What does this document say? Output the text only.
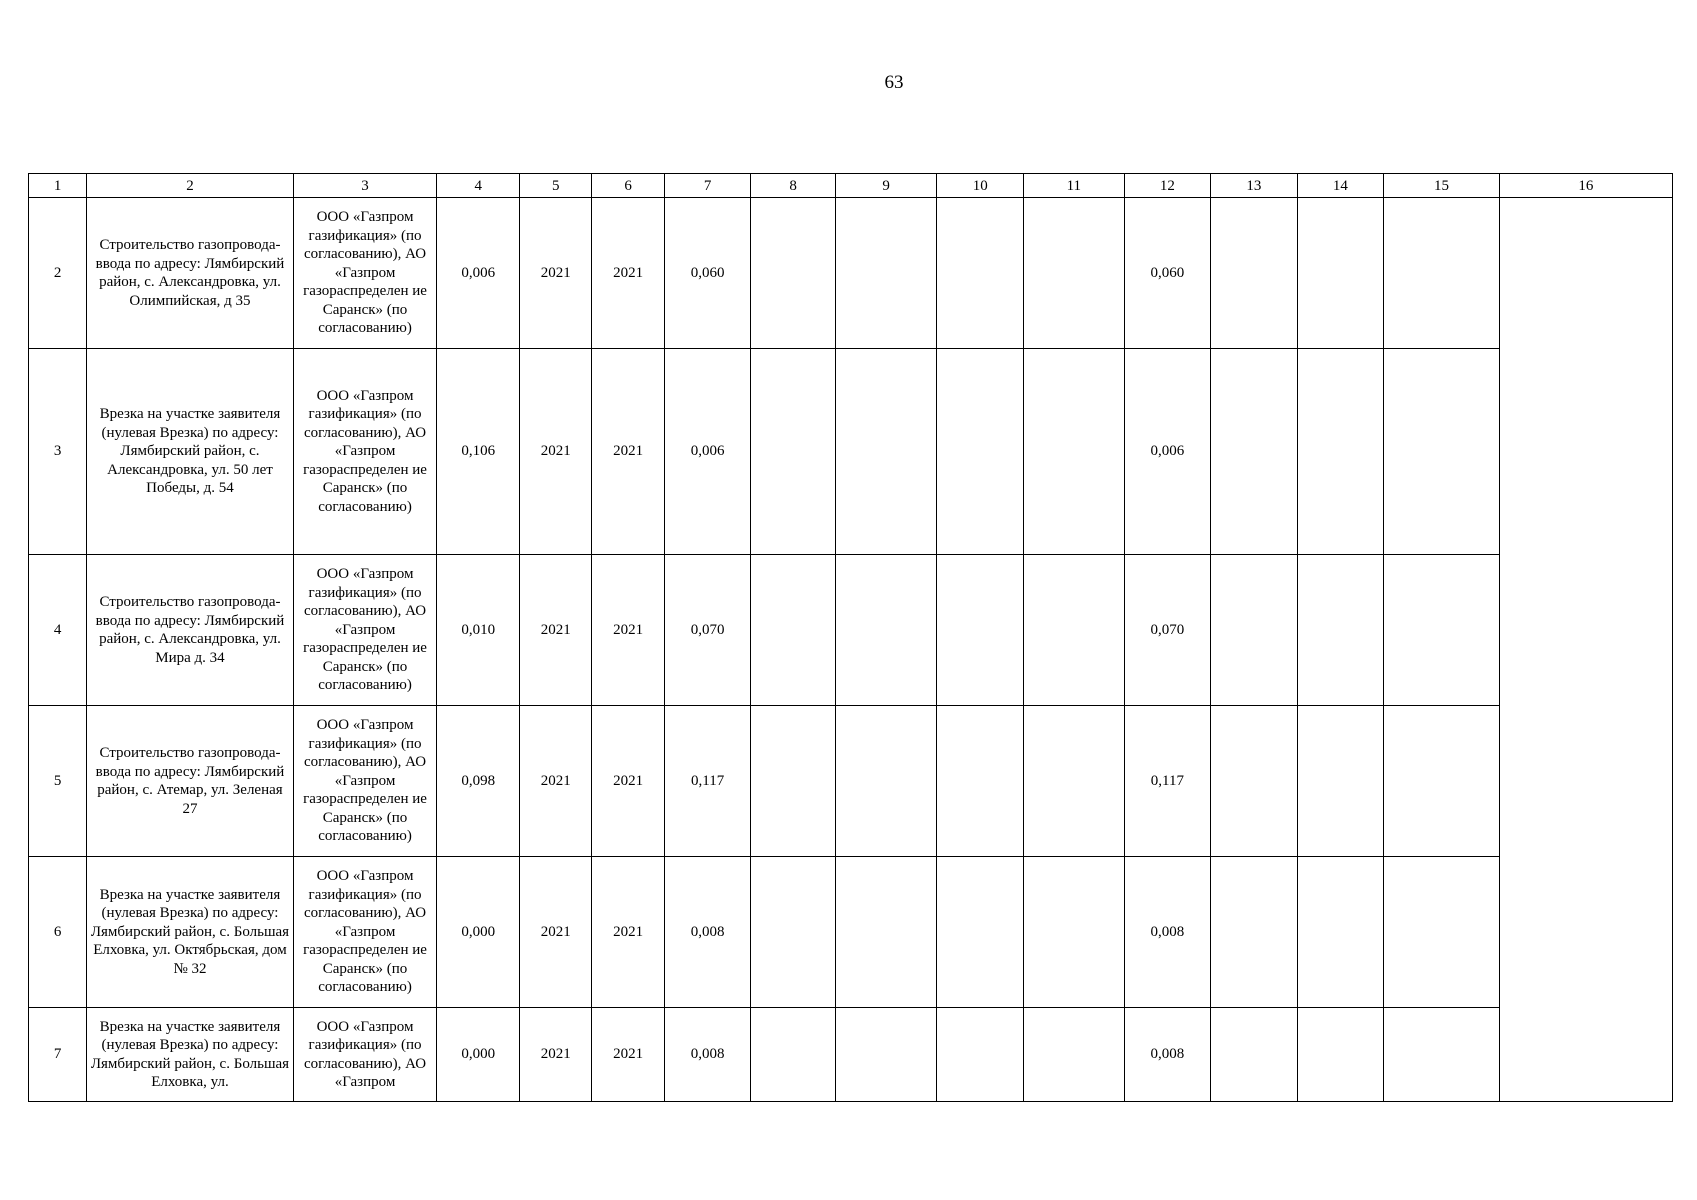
63
1	2	3	4	5	6	7	8	9	10	11	12	13	14	15	16
2	Строительство газопровода-ввода по адресу: Лямбирский район, с. Александровка, ул. Олимпийская, д 35	ООО «Газпром газификация» (по согласованию), АО «Газпром газораспределен ие Саранск» (по согласованию)	0,006	2021	2021	0,060					0,060				
3	Врезка на участке заявителя (нулевая Врезка) по адресу: Лямбирский район, с. Александровка, ул. 50 лет Победы, д. 54	ООО «Газпром газификация» (по согласованию), АО «Газпром газораспределен ие Саранск» (по согласованию)	0,106	2021	2021	0,006					0,006				
4	Строительство газопровода-ввода по адресу: Лямбирский район, с. Александровка, ул. Мира д. 34	ООО «Газпром газификация» (по согласованию), АО «Газпром газораспределен ие Саранск» (по согласованию)	0,010	2021	2021	0,070					0,070				
5	Строительство газопровода-ввода по адресу: Лямбирский район, с. Атемар, ул. Зеленая 27	ООО «Газпром газификация» (по согласованию), АО «Газпром газораспределен ие Саранск» (по согласованию)	0,098	2021	2021	0,117					0,117				
6	Врезка на участке заявителя (нулевая Врезка) по адресу: Лямбирский район, с. Большая Елховка, ул. Октябрьская, дом № 32	ООО «Газпром газификация» (по согласованию), АО «Газпром газораспределен ие Саранск» (по согласованию)	0,000	2021	2021	0,008					0,008				
7	Врезка на участке заявителя (нулевая Врезка) по адресу: Лямбирский район, с. Большая Елховка, ул.	ООО «Газпром газификация» (по согласованию), АО «Газпром	0,000	2021	2021	0,008					0,008				
